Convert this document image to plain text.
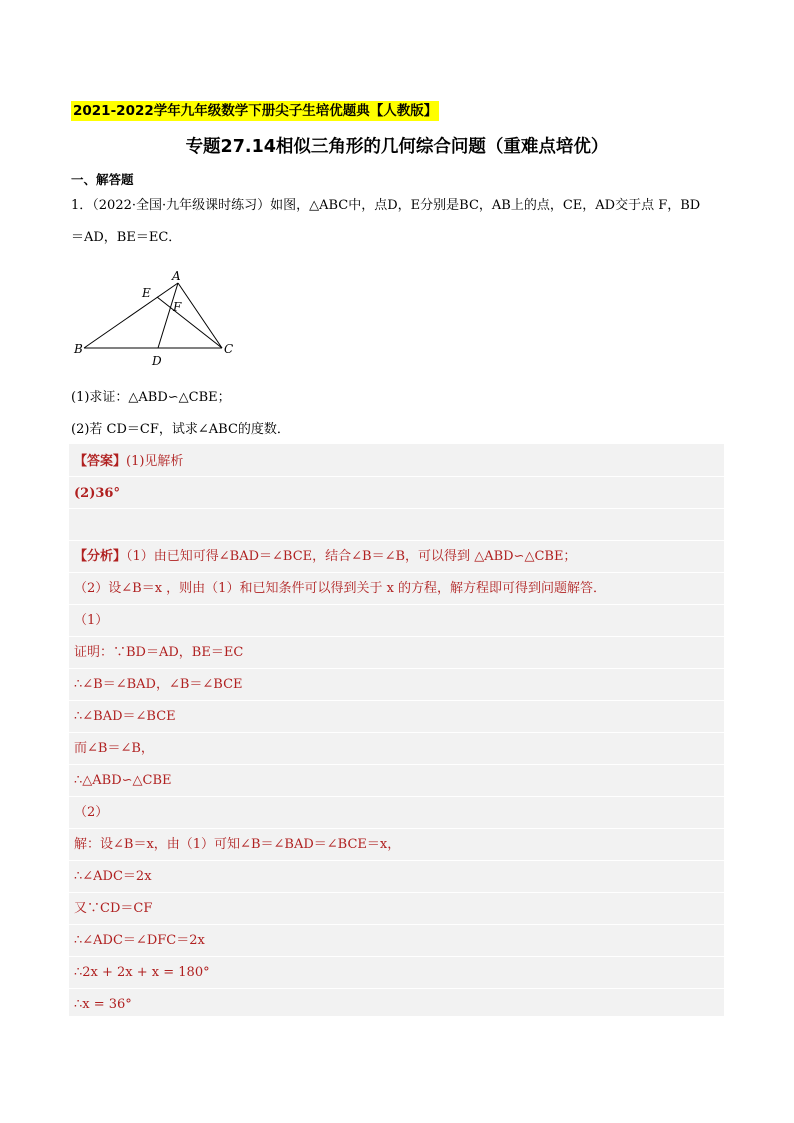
2021-2022学年九年级数学下册尖子生培优题典【人教版】
专题27.14相似三角形的几何综合问题（重难点培优）
一、解答题
1．（2022·全国·九年级课时练习）如图，△ABC中，点D，E分别是BC，AB上的点，CE，AD交于点 F，BD
＝AD，BE＝EC．
A
B	C
D
E
F
(1)求证：△ABD∽△CBE；
(2)若 CD＝CF，试求∠ABC的度数．
【答案】(1)见解析
(2)36°
【分析】（1）由已知可得∠BAD＝∠BCE，结合∠B＝∠B，可以得到 △ABD∽△CBE；
（2）设∠B＝x ，则由（1）和已知条件可以得到关于 x 的方程，解方程即可得到问题解答．
（1）
证明：∵BD＝AD，BE＝EC
∴∠B＝∠BAD，∠B＝∠BCE
∴∠BAD＝∠BCE
而∠B＝∠B，
∴△ABD∽△CBE
（2）
解：设∠B＝x，由（1）可知∠B＝∠BAD＝∠BCE＝x，
∴∠ADC＝2x
又∵CD＝CF
∴∠ADC＝∠DFC＝2x
∴2x + 2x + x = 180°
∴x = 36°
